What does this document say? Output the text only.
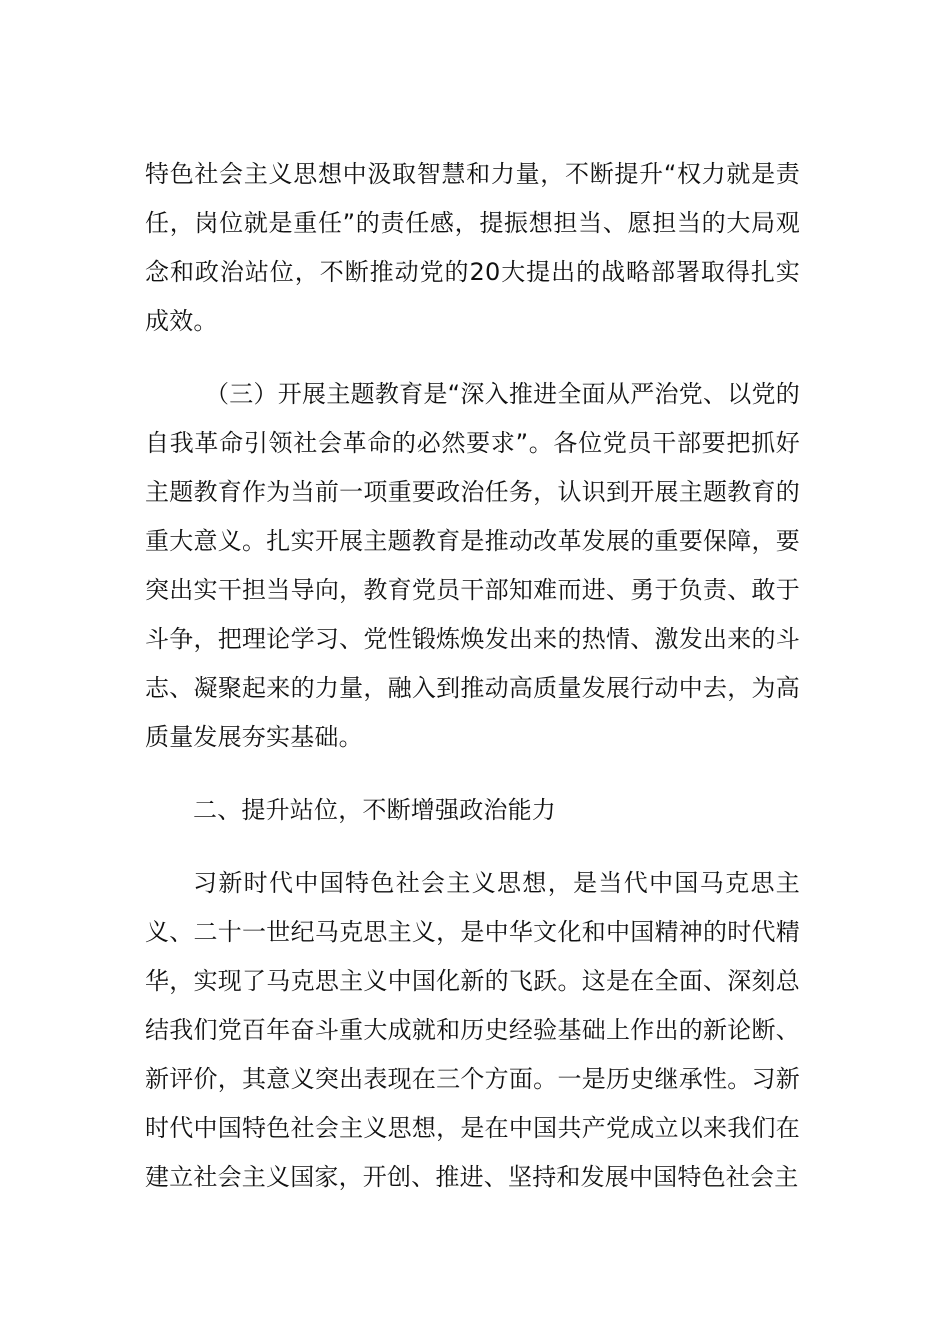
特色社会主义思想中汲取智慧和力量，不断提升“权力就是责任，岗位就是重任”的责任感，提振想担当、愿担当的大局观念和政治站位，不断推动党的20大提出的战略部署取得扎实成效。

（三）开展主题教育是“深入推进全面从严治党、以党的自我革命引领社会革命的必然要求”。各位党员干部要把抓好主题教育作为当前一项重要政治任务，认识到开展主题教育的重大意义。扎实开展主题教育是推动改革发展的重要保障，要突出实干担当导向，教育党员干部知难而进、勇于负责、敢于斗争，把理论学习、党性锻炼焕发出来的热情、激发出来的斗志、凝聚起来的力量，融入到推动高质量发展行动中去，为高质量发展夯实基础。

二、提升站位，不断增强政治能力

习新时代中国特色社会主义思想，是当代中国马克思主义、二十一世纪马克思主义，是中华文化和中国精神的时代精华，实现了马克思主义中国化新的飞跃。这是在全面、深刻总结我们党百年奋斗重大成就和历史经验基础上作出的新论断、新评价，其意义突出表现在三个方面。一是历史继承性。习新时代中国特色社会主义思想，是在中国共产党成立以来我们在建立社会主义国家，开创、推进、坚持和发展中国特色社会主
